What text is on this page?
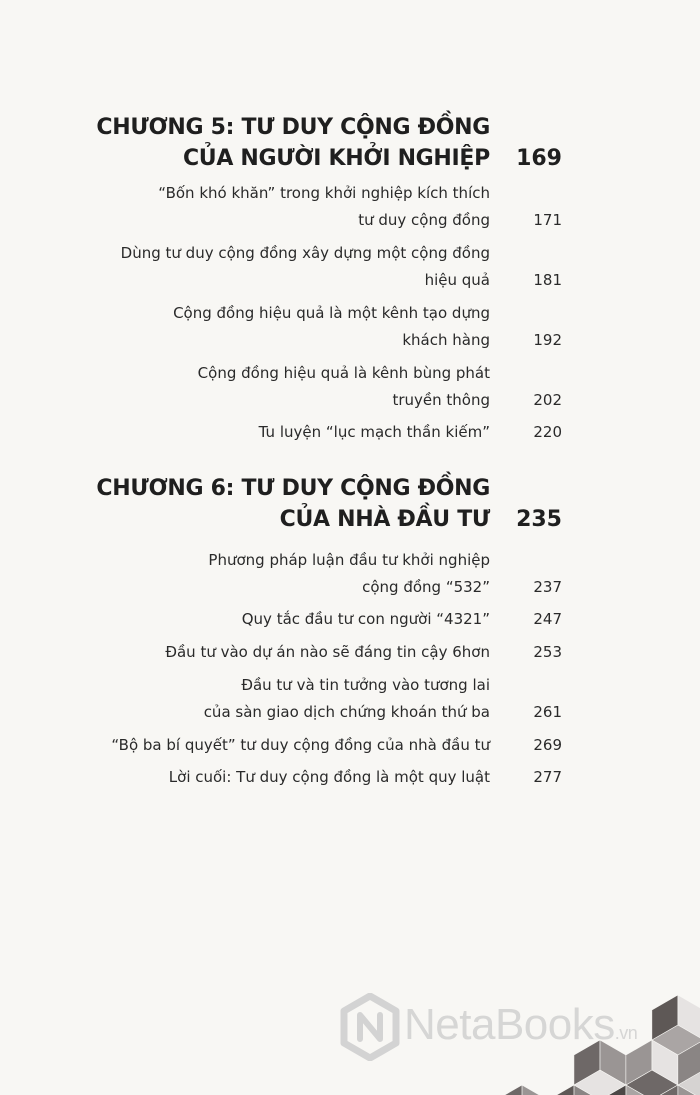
CHƯƠNG 5: TƯ DUY CỘNG ĐỒNG
CỦA NGƯỜI KHỞI NGHIỆP 169
“Bốn khó khăn” trong khởi nghiệp kích thích
tư duy cộng đồng	171
Dùng tư duy cộng đồng xây dựng một cộng đồng
hiệu quả	181
Cộng đồng hiệu quả là một kênh tạo dựng
khách hàng	192
Cộng đồng hiệu quả là kênh bùng phát
truyền thông	202
Tu luyện “lục mạch thần kiếm”	220
CHƯƠNG 6: TƯ DUY CỘNG ĐỒNG
CỦA NHÀ ĐẦU TƯ 235
Phương pháp luận đầu tư khởi nghiệp
cộng đồng “532”	237
Quy tắc đầu tư con người “4321”	247
Đầu tư vào dự án nào sẽ đáng tin cậy 6hơn	253
Đầu tư và tin tưởng vào tương lai
của sàn giao dịch chứng khoán thứ ba	261
“Bộ ba bí quyết” tư duy cộng đồng của nhà đầu tư	269
Lời cuối: Tư duy cộng đồng là một quy luật	277
NetaBooks.vn
